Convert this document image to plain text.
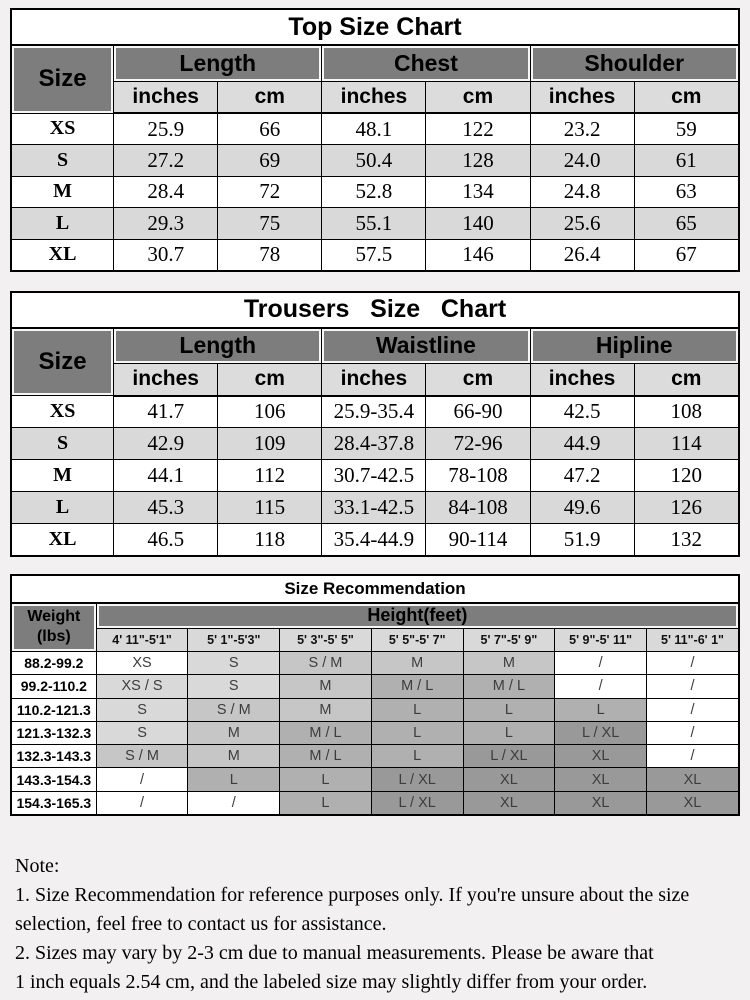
Top Size Chart						
Size	Length		Chest		Shoulder	
	inches	cm	inches	cm	inches	cm
XS	25.9	66	48.1	122	23.2	59
S	27.2	69	50.4	128	24.0	61
M	28.4	72	52.8	134	24.8	63
L	29.3	75	55.1	140	25.6	65
XL	30.7	78	57.5	146	26.4	67
Trousers Size Chart						
Size	Length		Waistline		Hipline	
	inches	cm	inches	cm	inches	cm
XS	41.7	106	25.9-35.4	66-90	42.5	108
S	42.9	109	28.4-37.8	72-96	44.9	114
M	44.1	112	30.7-42.5	78-108	47.2	120
L	45.3	115	33.1-42.5	84-108	49.6	126
XL	46.5	118	35.4-44.9	90-114	51.9	132
Size Recommendation							

Weight
(lbs)	Height(feet)						
	4' 11"-5'1"	5' 1"-5'3"	5' 3"-5' 5"	5' 5"-5' 7"	5' 7"-5' 9"	5' 9"-5' 11"	5' 11"-6' 1"
88.2-99.2	XS	S	S / M	M	M	/	/
99.2-110.2	XS / S	S	M	M / L	M / L	/	/
110.2-121.3	S	S / M	M	L	L	L	/
121.3-132.3	S	M	M / L	L	L	L / XL	/
132.3-143.3	S / M	M	M / L	L	L / XL	XL	/
143.3-154.3	/	L	L	L / XL	XL	XL	XL
154.3-165.3	/	/	L	L / XL	XL	XL	XL
Note:
1. Size Recommendation for reference purposes only. If you're unsure about the size
selection, feel free to contact us for assistance.
2. Sizes may vary by 2-3 cm due to manual measurements. Please be aware that
1 inch equals 2.54 cm, and the labeled size may slightly differ from your order.
